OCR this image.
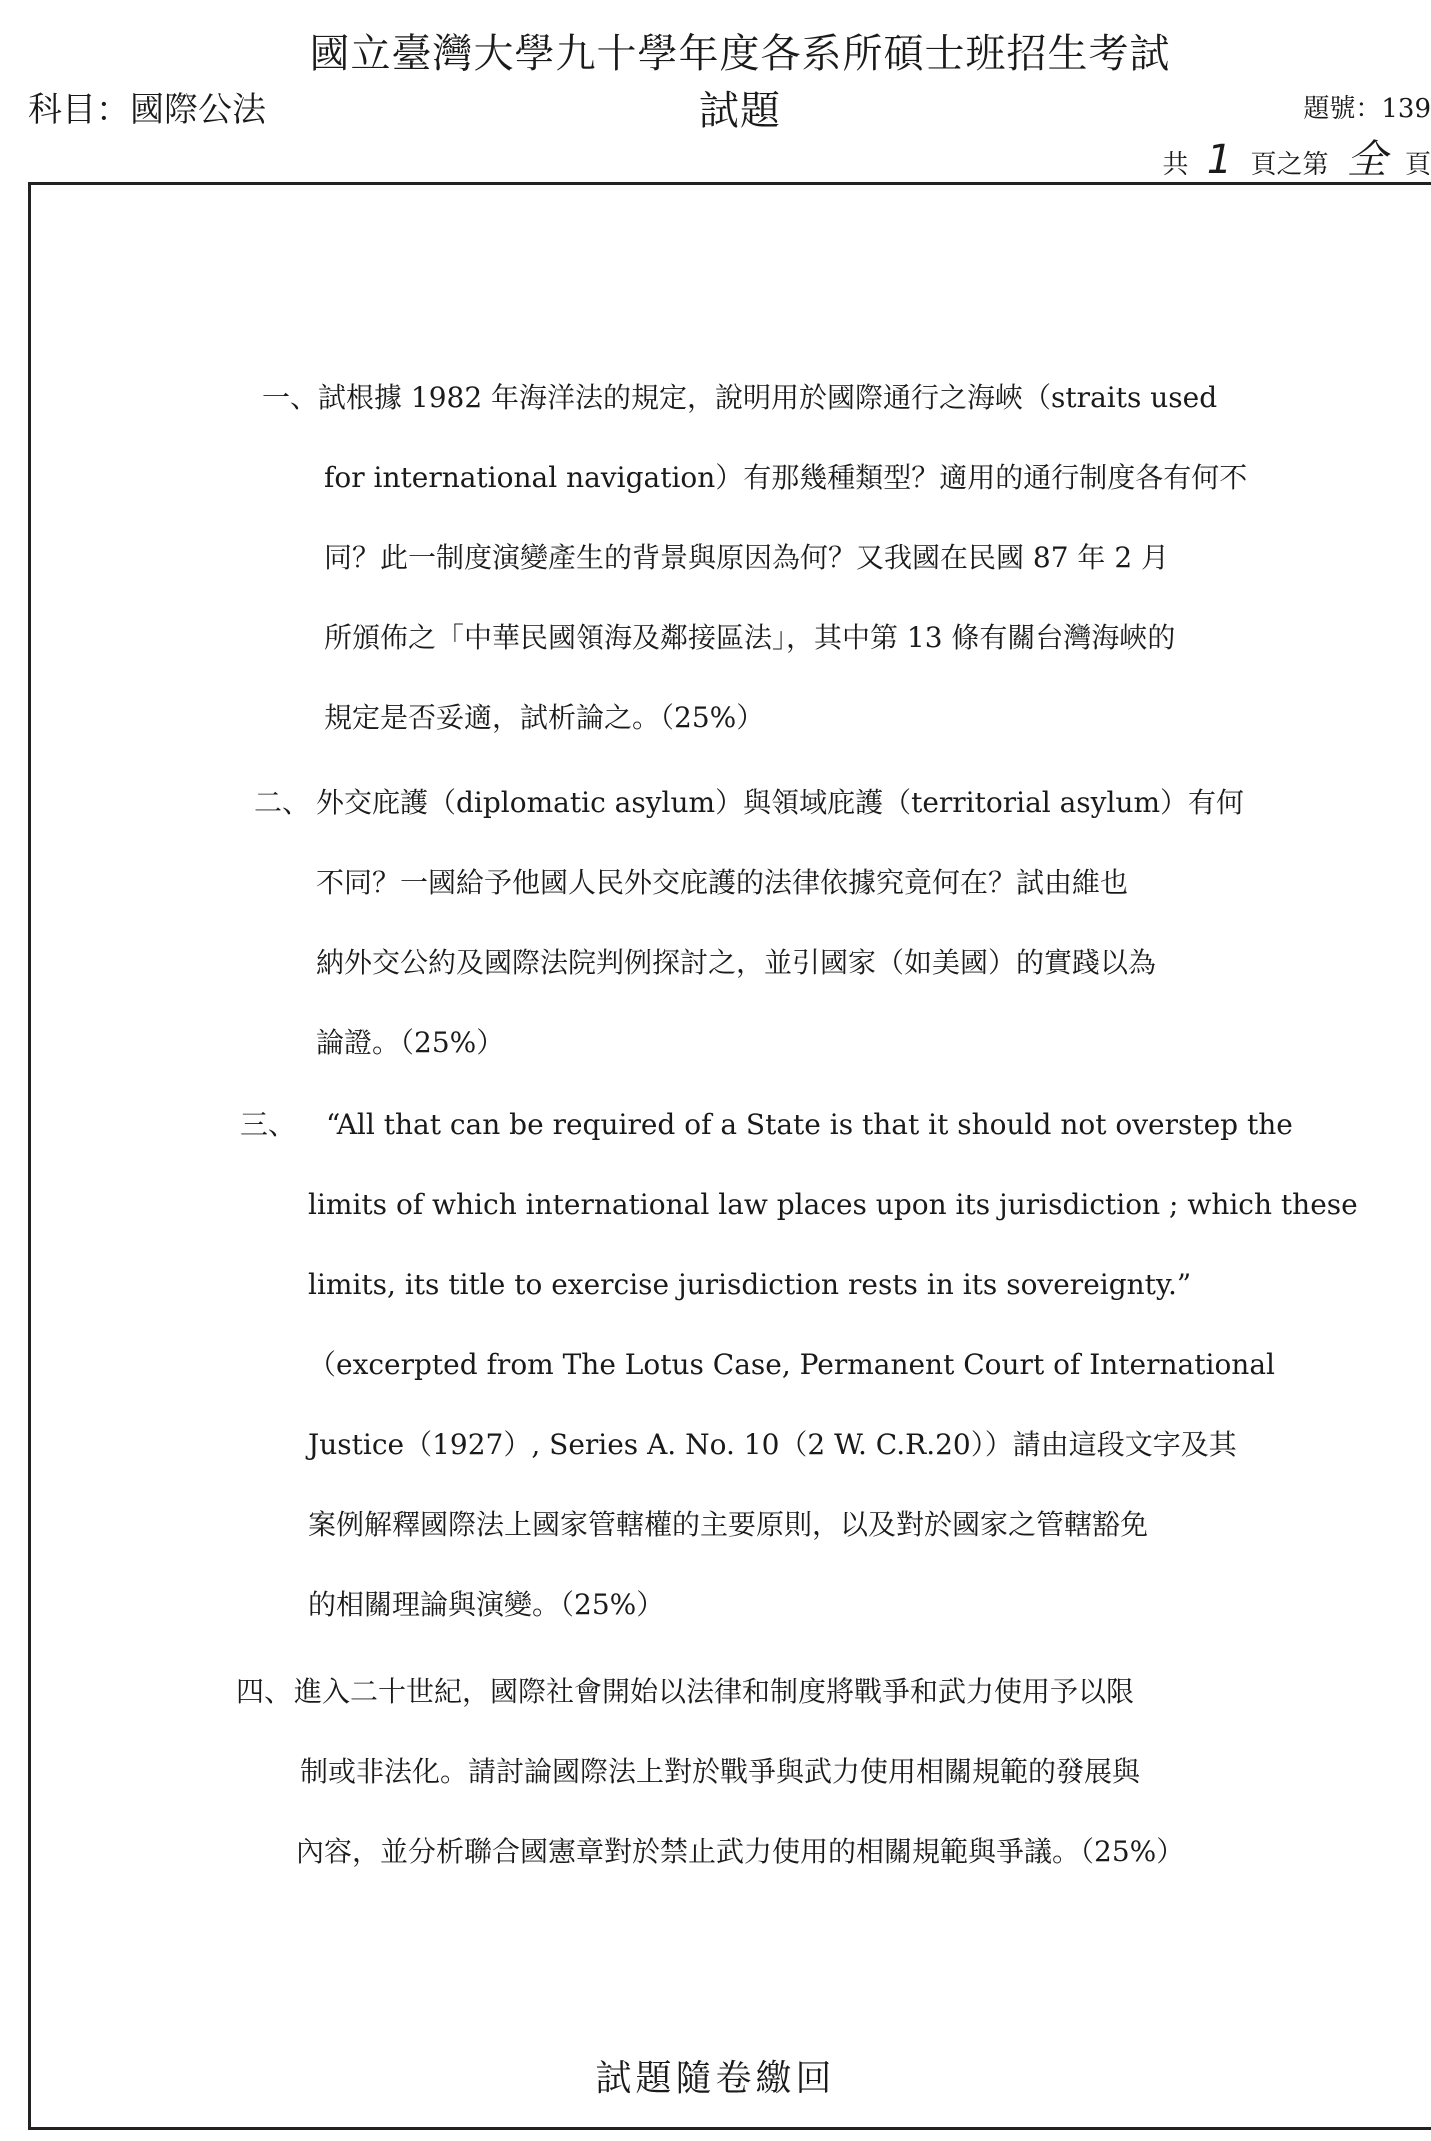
國立臺灣大學九十學年度各系所碩士班招生考試試題
科目：國際公法	題號：139
共 1 頁之第 全 頁
一、 試根據 1982 年海洋法的規定，說明用於國際通行之海峽（straits used
for international navigation）有那幾種類型？適用的通行制度各有何不
同？此一制度演變產生的背景與原因為何？又我國在民國 87 年 2 月
所頒佈之「中華民國領海及鄰接區法」，其中第 13 條有關台灣海峽的
規定是否妥適，試析論之。（25%）
二、 外交庇護（diplomatic asylum）與領域庇護（territorial asylum）有何
不同？一國給予他國人民外交庇護的法律依據究竟何在？試由維也
納外交公約及國際法院判例探討之，並引國家（如美國）的實踐以為
論證。（25%）
三、 “All that can be required of a State is that it should not overstep the
limits of which international law places upon its jurisdiction ; which these
limits, its title to exercise jurisdiction rests in its sovereignty.”
（excerpted from The Lotus Case, Permanent Court of International
Justice（1927）, Series A. No. 10（2 W. C.R.20））請由這段文字及其
案例解釋國際法上國家管轄權的主要原則，以及對於國家之管轄豁免
的相關理論與演變。（25%）
四、 進入二十世紀，國際社會開始以法律和制度將戰爭和武力使用予以限
制或非法化。請討論國際法上對於戰爭與武力使用相關規範的發展與
內容，並分析聯合國憲章對於禁止武力使用的相關規範與爭議。（25%）
試題隨卷繳回
